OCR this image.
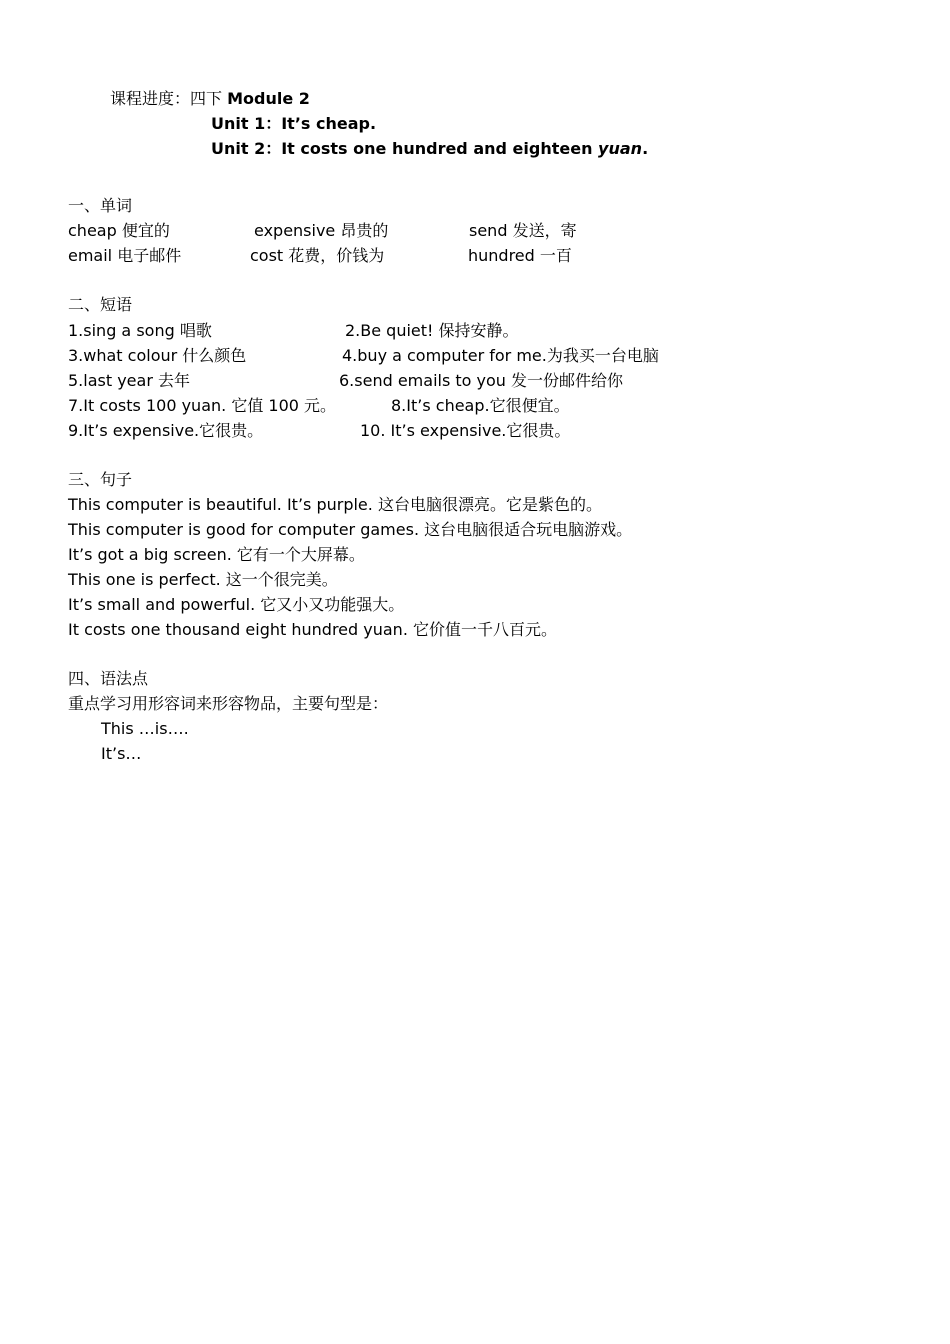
课程进度：四下 Module 2
Unit 1：It’s cheap.
Unit 2：It costs one hundred and eighteen yuan.
一、单词
cheap 便宜的	expensive 昂贵的	send 发送，寄
email 电子邮件	cost 花费，价钱为	hundred 一百
二、短语
1.sing a song 唱歌	2.Be quiet! 保持安静。
3.what colour 什么颜色	4.buy a computer for me.为我买一台电脑
5.last year 去年	6.send emails to you 发一份邮件给你
7.It costs 100 yuan. 它值 100 元。	8.It’s cheap.它很便宜。
9.It’s expensive.它很贵。	10. It’s expensive.它很贵。
三、句子
This computer is beautiful. It’s purple. 这台电脑很漂亮。它是紫色的。
This computer is good for computer games. 这台电脑很适合玩电脑游戏。
It’s got a big screen. 它有一个大屏幕。
This one is perfect. 这一个很完美。
It’s small and powerful. 它又小又功能强大。
It costs one thousand eight hundred yuan. 它价值一千八百元。
四、语法点
重点学习用形容词来形容物品，主要句型是：
This …is….
It’s…
